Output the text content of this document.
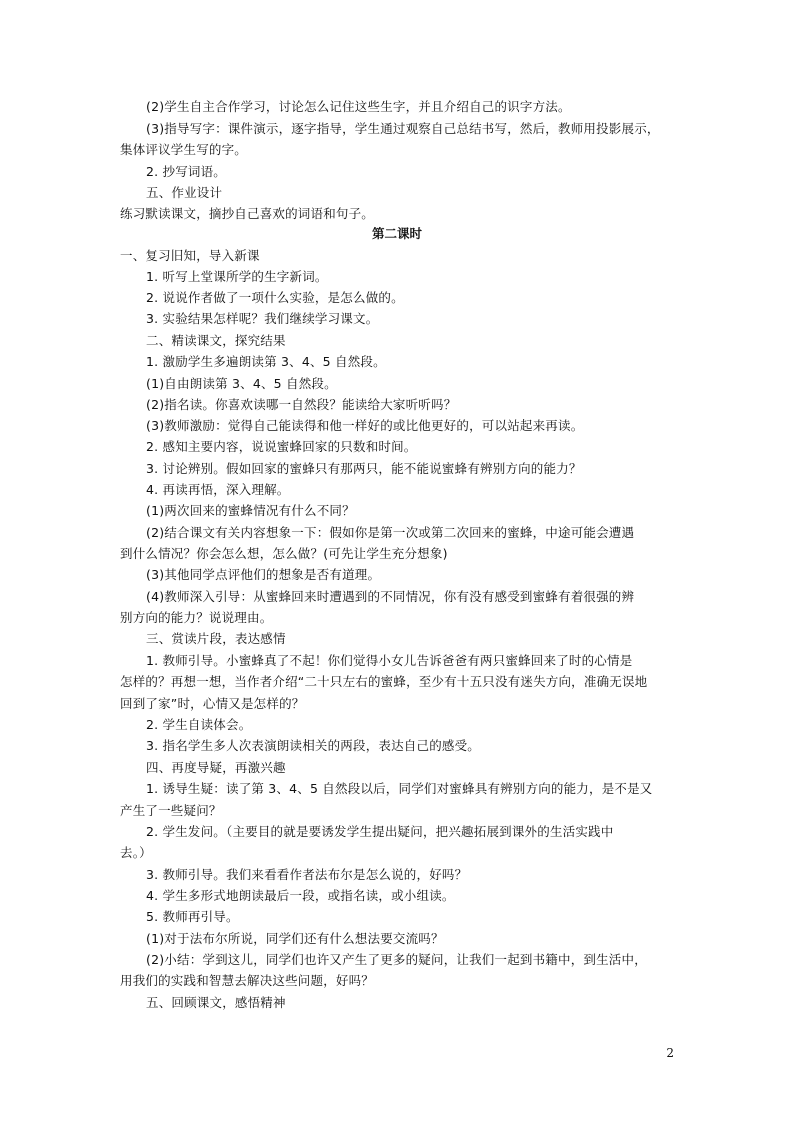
(2)学生自主合作学习，讨论怎么记住这些生字，并且介绍自己的识字方法。
(3)指导写字：课件演示，逐字指导，学生通过观察自己总结书写，然后，教师用投影展示，
集体评议学生写的字。
2. 抄写词语。
五、作业设计
练习默读课文，摘抄自己喜欢的词语和句子。
第二课时
一、复习旧知，导入新课
1. 听写上堂课所学的生字新词。
2. 说说作者做了一项什么实验，是怎么做的。
3. 实验结果怎样呢？我们继续学习课文。
二、精读课文，探究结果
1. 激励学生多遍朗读第 3、4、5 自然段。
(1)自由朗读第 3、4、5 自然段。
(2)指名读。你喜欢读哪一自然段？能读给大家听听吗？
(3)教师激励：觉得自己能读得和他一样好的或比他更好的，可以站起来再读。
2. 感知主要内容，说说蜜蜂回家的只数和时间。
3. 讨论辨别。假如回家的蜜蜂只有那两只，能不能说蜜蜂有辨别方向的能力？
4. 再读再悟，深入理解。
(1)两次回来的蜜蜂情况有什么不同？
(2)结合课文有关内容想象一下：假如你是第一次或第二次回来的蜜蜂，中途可能会遭遇
到什么情况？你会怎么想，怎么做？(可先让学生充分想象)
(3)其他同学点评他们的想象是否有道理。
(4)教师深入引导：从蜜蜂回来时遭遇到的不同情况，你有没有感受到蜜蜂有着很强的辨
别方向的能力？说说理由。
三、赏读片段，表达感情
1. 教师引导。小蜜蜂真了不起！你们觉得小女儿告诉爸爸有两只蜜蜂回来了时的心情是
怎样的？再想一想，当作者介绍“二十只左右的蜜蜂，至少有十五只没有迷失方向，准确无误地
回到了家”时，心情又是怎样的？
2. 学生自读体会。
3. 指名学生多人次表演朗读相关的两段，表达自己的感受。
四、再度导疑，再激兴趣
1. 诱导生疑：读了第 3、4、5 自然段以后，同学们对蜜蜂具有辨别方向的能力，是不是又
产生了一些疑问？
2. 学生发问。（主要目的就是要诱发学生提出疑问，把兴趣拓展到课外的生活实践中
去。）
3. 教师引导。我们来看看作者法布尔是怎么说的，好吗？
4. 学生多形式地朗读最后一段，或指名读，或小组读。
5. 教师再引导。
(1)对于法布尔所说，同学们还有什么想法要交流吗？
(2)小结：学到这儿，同学们也许又产生了更多的疑问，让我们一起到书籍中，到生活中，
用我们的实践和智慧去解决这些问题，好吗？
五、回顾课文，感悟精神
2
